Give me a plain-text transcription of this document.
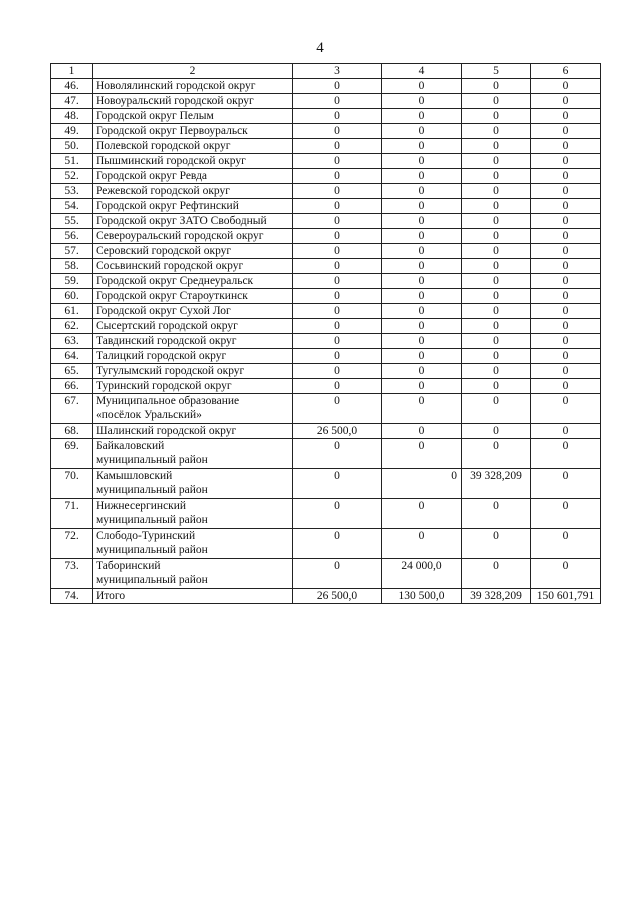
4
1	2	3	4	5	6
46.	Новолялинский городской округ	0	0	0	0
47.	Новоуральский городской округ	0	0	0	0
48.	Городской округ Пелым	0	0	0	0
49.	Городской округ Первоуральск	0	0	0	0
50.	Полевской городской округ	0	0	0	0
51.	Пышминский городской округ	0	0	0	0
52.	Городской округ Ревда	0	0	0	0
53.	Режевской городской округ	0	0	0	0
54.	Городской округ Рефтинский	0	0	0	0
55.	Городской округ ЗАТО Свободный	0	0	0	0
56.	Североуральский городской округ	0	0	0	0
57.	Серовский городской округ	0	0	0	0
58.	Сосьвинский городской округ	0	0	0	0
59.	Городской округ Среднеуральск	0	0	0	0
60.	Городской округ Староуткинск	0	0	0	0
61.	Городской округ Сухой Лог	0	0	0	0
62.	Сысертский городской округ	0	0	0	0
63.	Тавдинский городской округ	0	0	0	0
64.	Талицкий городской округ	0	0	0	0
65.	Тугулымский городской округ	0	0	0	0
66.	Туринский городской округ	0	0	0	0
67.	Муниципальное образование
«посёлок Уральский»	0	0	0	0
68.	Шалинский городской округ	26 500,0	0	0	0
69.	Байкаловский
муниципальный район	0	0	0	0
70.	Камышловский
муниципальный район	0	0	39 328,209	0
71.	Нижнесергинский
муниципальный район	0	0	0	0
72.	Слободо-Туринский
муниципальный район	0	0	0	0
73.	Таборинский
муниципальный район	0	24 000,0	0	0
74.	Итого	26 500,0	130 500,0	39 328,209	150 601,791
